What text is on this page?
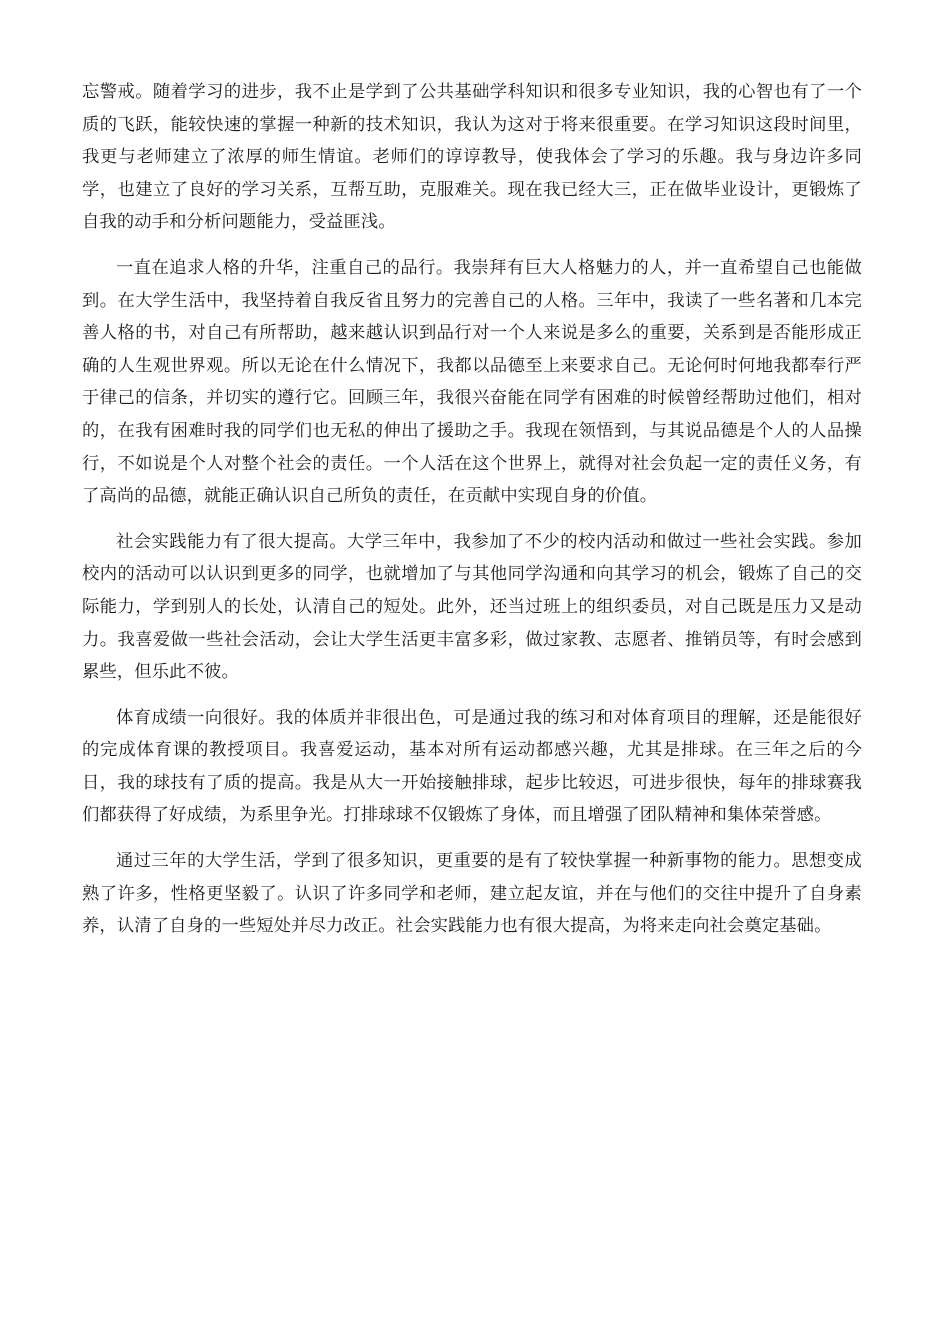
忘警戒。随着学习的进步，我不止是学到了公共基础学科知识和很多专业知识，我的心智也有了一个质的飞跃，能较快速的掌握一种新的技术知识，我认为这对于将来很重要。在学习知识这段时间里，我更与老师建立了浓厚的师生情谊。老师们的谆谆教导，使我体会了学习的乐趣。我与身边许多同学，也建立了良好的学习关系，互帮互助，克服难关。现在我已经大三，正在做毕业设计，更锻炼了自我的动手和分析问题能力，受益匪浅。

一直在追求人格的升华，注重自己的品行。我崇拜有巨大人格魅力的人，并一直希望自己也能做到。在大学生活中，我坚持着自我反省且努力的完善自己的人格。三年中，我读了一些名著和几本完善人格的书，对自己有所帮助，越来越认识到品行对一个人来说是多么的重要，关系到是否能形成正确的人生观世界观。所以无论在什么情况下，我都以品德至上来要求自己。无论何时何地我都奉行严于律己的信条，并切实的遵行它。回顾三年，我很兴奋能在同学有困难的时候曾经帮助过他们，相对的，在我有困难时我的同学们也无私的伸出了援助之手。我现在领悟到，与其说品德是个人的人品操行，不如说是个人对整个社会的责任。一个人活在这个世界上，就得对社会负起一定的责任义务，有了高尚的品德，就能正确认识自己所负的责任，在贡献中实现自身的价值。

社会实践能力有了很大提高。大学三年中，我参加了不少的校内活动和做过一些社会实践。参加校内的活动可以认识到更多的同学，也就增加了与其他同学沟通和向其学习的机会，锻炼了自己的交际能力，学到别人的长处，认清自己的短处。此外，还当过班上的组织委员，对自己既是压力又是动力。我喜爱做一些社会活动，会让大学生活更丰富多彩，做过家教、志愿者、推销员等，有时会感到累些，但乐此不彼。

体育成绩一向很好。我的体质并非很出色，可是通过我的练习和对体育项目的理解，还是能很好的完成体育课的教授项目。我喜爱运动，基本对所有运动都感兴趣，尤其是排球。在三年之后的今日，我的球技有了质的提高。我是从大一开始接触排球，起步比较迟，可进步很快，每年的排球赛我们都获得了好成绩，为系里争光。打排球球不仅锻炼了身体，而且增强了团队精神和集体荣誉感。

通过三年的大学生活，学到了很多知识，更重要的是有了较快掌握一种新事物的能力。思想变成熟了许多，性格更坚毅了。认识了许多同学和老师，建立起友谊，并在与他们的交往中提升了自身素养，认清了自身的一些短处并尽力改正。社会实践能力也有很大提高，为将来走向社会奠定基础。
